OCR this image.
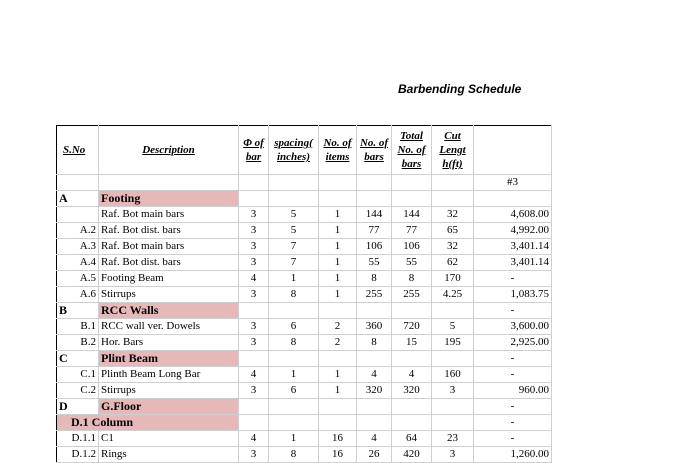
Barbending Schedule
S.No	Description	Φ of bar	spacing( inches)	No. of items	No. of bars	Total No. of bars	Cut Lengt h(ft)	
								#3
A	Footing							
	Raf. Bot main bars	3	5	1	144	144	32	4,608.00
A.2	Raf. Bot dist. bars	3	5	1	77	77	65	4,992.00
A.3	Raf. Bot main bars	3	7	1	106	106	32	3,401.14
A.4	Raf. Bot dist. bars	3	7	1	55	55	62	3,401.14
A.5	Footing Beam	4	1	1	8	8	170	-
A.6	Stirrups	3	8	1	255	255	4.25	1,083.75
B	RCC Walls							-
B.1	RCC wall ver. Dowels	3	6	2	360	720	5	3,600.00
B.2	Hor. Bars	3	8	2	8	15	195	2,925.00
C	Plint Beam							-
C.1	Plinth Beam Long Bar	4	1	1	4	4	160	-
C.2	Stirrups	3	6	1	320	320	3	960.00
D	G.Floor							-
D.1 Column								-
D.1.1	C1	4	1	16	4	64	23	-
D.1.2	Rings	3	8	16	26	420	3	1,260.00
